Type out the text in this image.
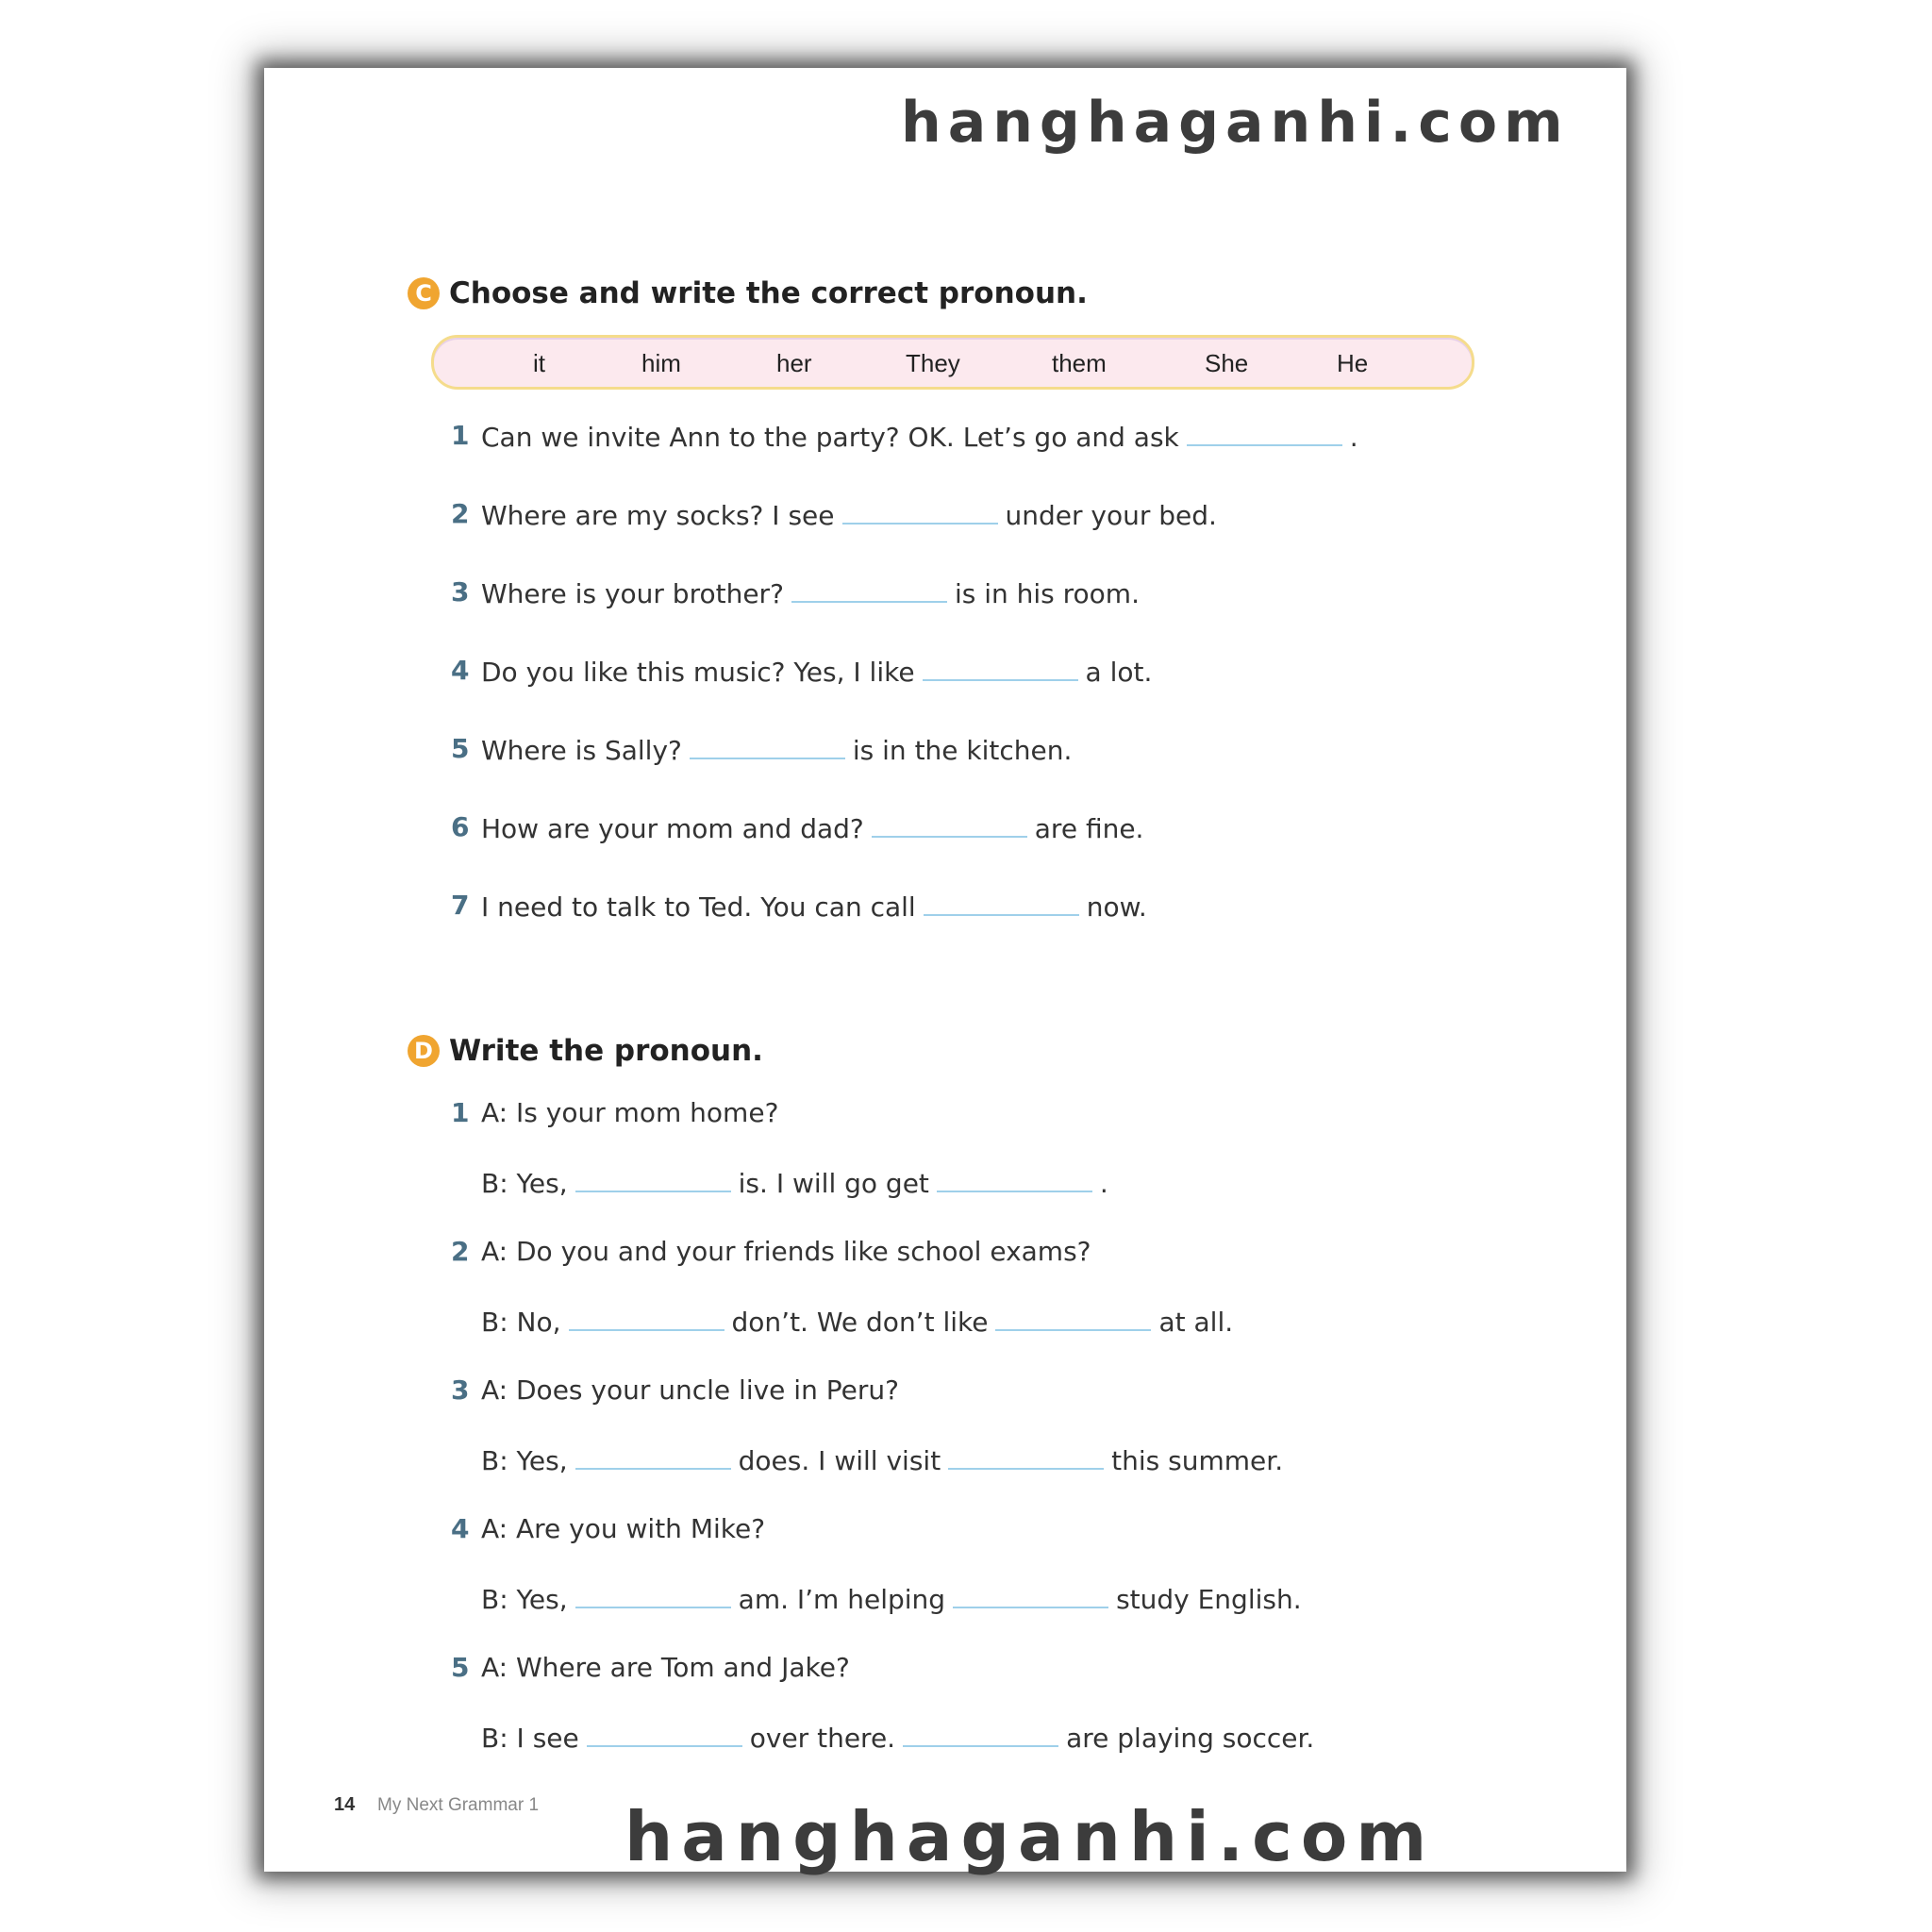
hanghaganhi.com
C Choose and write the correct pronoun.
it	him	her	They	them	She	He
1 Can we invite Ann to the party? OK. Let’s go and ask	.
2 Where are my socks? I see	under your bed.
3 Where is your brother?	is in his room.
4 Do you like this music? Yes, I like	a lot.
5 Where is Sally?	is in the kitchen.
6 How are your mom and dad?	are fine.
7 I need to talk to Ted. You can call	now.
D Write the pronoun.
1 A: Is your mom home?
B: Yes,	is. I will go get	.
2 A: Do you and your friends like school exams?
B: No,	don’t. We don’t like	at all.
3 A: Does your uncle live in Peru?
B: Yes,	does. I will visit	this summer.
4 A: Are you with Mike?
B: Yes,	am. I’m helping	study English.
5 A: Where are Tom and Jake?
B: I see	over there.	are playing soccer.
14 My Next Grammar 1 hanghaganhi.com
